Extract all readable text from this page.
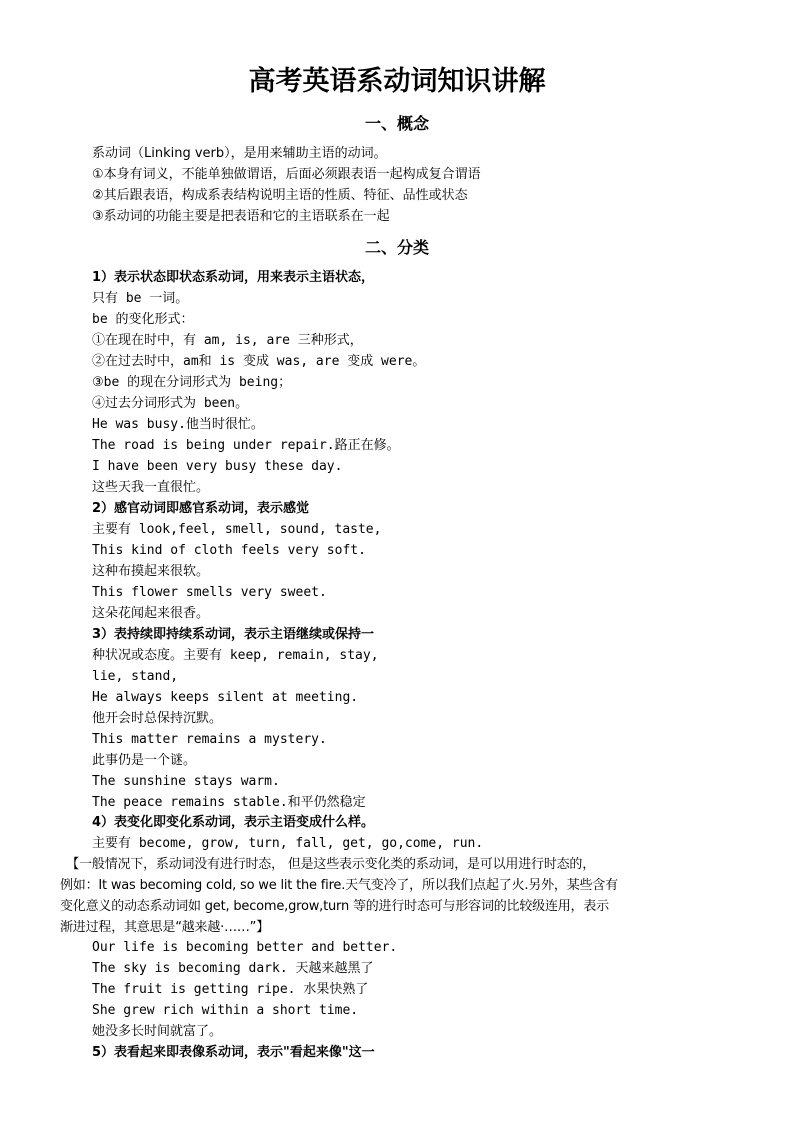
高考英语系动词知识讲解
一、概念
系动词（Linking verb），是用来辅助主语的动词。
①本身有词义，不能单独做谓语，后面必须跟表语一起构成复合谓语
②其后跟表语，构成系表结构说明主语的性质、特征、品性或状态
③系动词的功能主要是把表语和它的主语联系在一起
二、分类
1）表示状态即状态系动词，用来表示主语状态，
只有 be 一词。
be 的变化形式：
①在现在时中，有 am, is, are 三种形式，
②在过去时中，am和 is 变成 was, are 变成 were。
③be 的现在分词形式为 being；
④过去分词形式为 been。
He was busy.他当时很忙。
The road is being under repair.路正在修。
I have been very busy these day.
这些天我一直很忙。
2）感官动词即感官系动词，表示感觉
主要有 look,feel, smell, sound, taste,
This kind of cloth feels very soft.
这种布摸起来很软。
This flower smells very sweet.
这朵花闻起来很香。
3）表持续即持续系动词，表示主语继续或保持一
种状况或态度。主要有 keep, remain, stay,
lie, stand,
He always keeps silent at meeting.
他开会时总保持沉默。
This matter remains a mystery.
此事仍是一个谜。
The sunshine stays warm.
The peace remains stable.和平仍然稳定
4）表变化即变化系动词，表示主语变成什么样。
主要有 become, grow, turn, fall, get, go,come, run.
　【一般情况下，系动词没有进行时态， 但是这些表示变化类的系动词，是可以用进行时态的，
例如：It was becoming cold, so we lit the fire.天气变冷了，所以我们点起了火.另外，某些含有
变化意义的动态系动词如 get, become,grow,turn 等的进行时态可与形容词的比较级连用，表示
渐进过程，其意思是“越来越·……”】
Our life is becoming better and better.
The sky is becoming dark. 天越来越黑了
The fruit is getting ripe. 水果快熟了
She grew rich within a short time.
她没多长时间就富了。
5）表看起来即表像系动词，表示"看起来像"这一
